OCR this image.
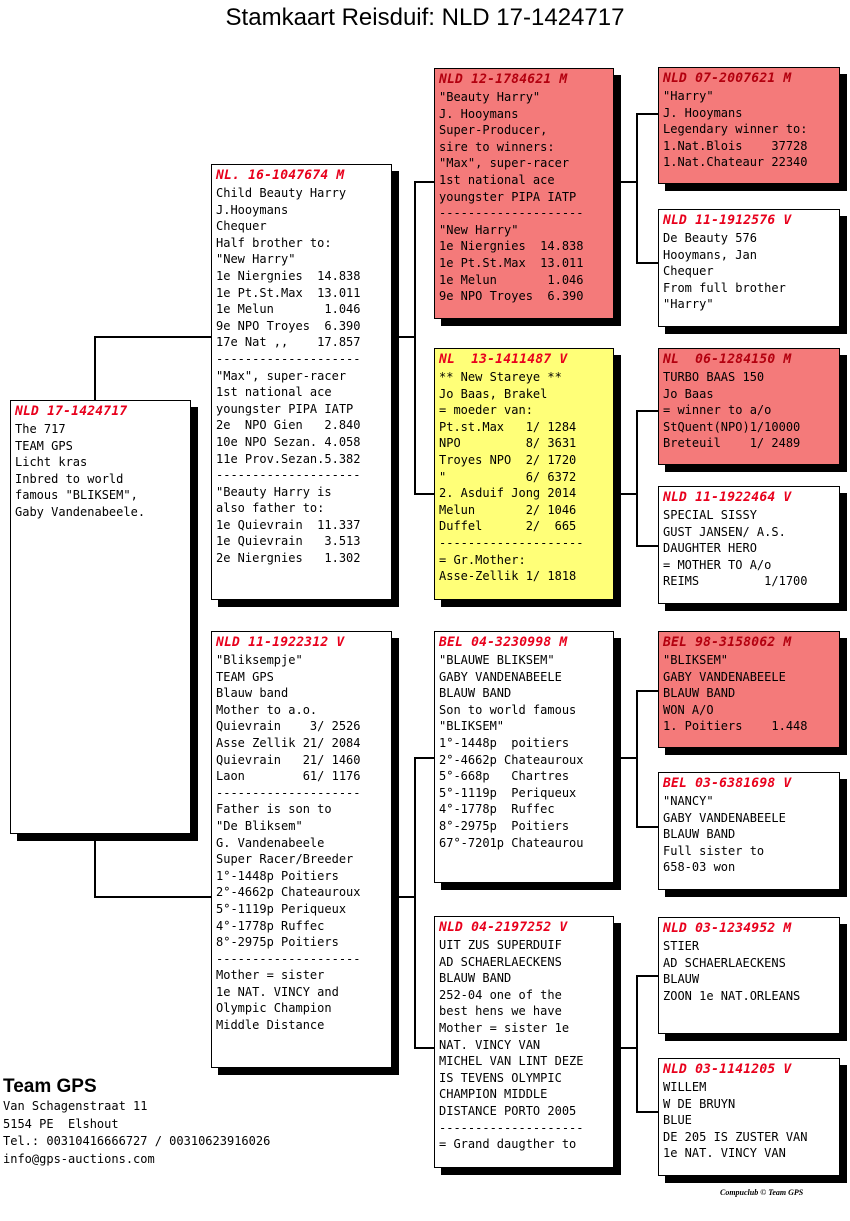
Stamkaart Reisduif: NLD 17-1424717
NLD 17-1424717
The 717
TEAM GPS
Licht kras
Inbred to world
famous "BLIKSEM",
Gaby Vandenabeele.
NL. 16-1047674 M
Child Beauty Harry
J.Hooymans
Chequer
Half brother to:
"New Harry"
1e Niergnies  14.838
1e Pt.St.Max  13.011
1e Melun       1.046
9e NPO Troyes  6.390
17e Nat ,,    17.857
--------------------
"Max", super-racer
1st national ace
youngster PIPA IATP
2e  NPO Gien   2.840
10e NPO Sezan. 4.058
11e Prov.Sezan.5.382
--------------------
"Beauty Harry is
also father to:
1e Quievrain  11.337
1e Quievrain   3.513
2e Niergnies   1.302
NLD 11-1922312 V
"Bliksempje"
TEAM GPS
Blauw band
Mother to a.o.
Quievrain    3/ 2526
Asse Zellik 21/ 2084
Quievrain   21/ 1460
Laon        61/ 1176
--------------------
Father is son to
"De Bliksem"
G. Vandenabeele
Super Racer/Breeder
1°-1448p Poitiers
2°-4662p Chateauroux
5°-1119p Periqueux
4°-1778p Ruffec
8°-2975p Poitiers
--------------------
Mother = sister
1e NAT. VINCY and
Olympic Champion
Middle Distance
NLD 12-1784621 M
"Beauty Harry"
J. Hooymans
Super-Producer,
sire to winners:
"Max", super-racer
1st national ace
youngster PIPA IATP
--------------------
"New Harry"
1e Niergnies  14.838
1e Pt.St.Max  13.011
1e Melun       1.046
9e NPO Troyes  6.390
NL  13-1411487 V
** New Stareye **
Jo Baas, Brakel
= moeder van:
Pt.st.Max   1/ 1284
NPO         8/ 3631
Troyes NPO  2/ 1720
"           6/ 6372
2. Asduif Jong 2014
Melun       2/ 1046
Duffel      2/  665
--------------------
= Gr.Mother:
Asse-Zellik 1/ 1818
BEL 04-3230998 M
"BLAUWE BLIKSEM"
GABY VANDENABEELE
BLAUW BAND
Son to world famous
"BLIKSEM"
1°-1448p  poitiers
2°-4662p Chateauroux
5°-668p   Chartres
5°-1119p  Periqueux
4°-1778p  Ruffec
8°-2975p  Poitiers
67°-7201p Chateaurou
NLD 04-2197252 V
UIT ZUS SUPERDUIF
AD SCHAERLAECKENS
BLAUW BAND
252-04 one of the
best hens we have
Mother = sister 1e
NAT. VINCY VAN
MICHEL VAN LINT DEZE
IS TEVENS OLYMPIC
CHAMPION MIDDLE
DISTANCE PORTO 2005
--------------------
= Grand daugther to
NLD 07-2007621 M
"Harry"
J. Hooymans
Legendary winner to:
1.Nat.Blois    37728
1.Nat.Chateaur 22340
NLD 11-1912576 V
De Beauty 576
Hooymans, Jan
Chequer
From full brother
"Harry"
NL  06-1284150 M
TURBO BAAS 150
Jo Baas
= winner to a/o
StQuent(NPO)1/10000
Breteuil    1/ 2489
NLD 11-1922464 V
SPECIAL SISSY
GUST JANSEN/ A.S.
DAUGHTER HERO
= MOTHER TO A/o
REIMS         1/1700
BEL 98-3158062 M
"BLIKSEM"
GABY VANDENABEELE
BLAUW BAND
WON A/O
1. Poitiers    1.448
BEL 03-6381698 V
"NANCY"
GABY VANDENABEELE
BLAUW BAND
Full sister to
658-03 won
NLD 03-1234952 M
STIER
AD SCHAERLAECKENS
BLAUW
ZOON 1e NAT.ORLEANS
NLD 03-1141205 V
WILLEM
W DE BRUYN
BLUE
DE 205 IS ZUSTER VAN
1e NAT. VINCY VAN
Team GPS
Van Schagenstraat 11
5154 PE  Elshout
Tel.: 00310416666727 / 00310623916026
info@gps-auctions.com
Compuclub © Team GPS
